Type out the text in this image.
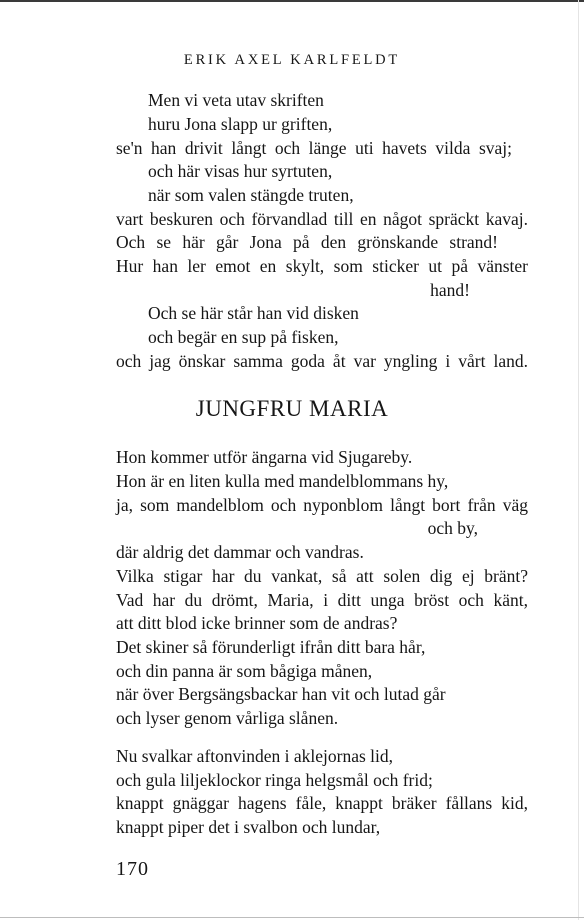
ERIK AXEL KARLFELDT
Men vi veta utav skriften
huru Jona slapp ur griften,
se'n han drivit långt och länge uti havets vilda svaj;
och här visas hur syrtuten,
när som valen stängde truten,
vart beskuren och förvandlad till en något spräckt kavaj.
Och se här går Jona på den grönskande strand!
Hur han ler emot en skylt, som sticker ut på vänster
hand!
Och se här står han vid disken
och begär en sup på fisken,
och jag önskar samma goda åt var yngling i vårt land.
JUNGFRU MARIA
Hon kommer utför ängarna vid Sjugareby.
Hon är en liten kulla med mandelblommans hy,
ja, som mandelblom och nyponblom långt bort från väg
och by,
där aldrig det dammar och vandras.
Vilka stigar har du vankat, så att solen dig ej bränt?
Vad har du drömt, Maria, i ditt unga bröst och känt,
att ditt blod icke brinner som de andras?
Det skiner så förunderligt ifrån ditt bara hår,
och din panna är som bågiga månen,
när över Bergsängsbackar han vit och lutad går
och lyser genom vårliga slånen.
Nu svalkar aftonvinden i aklejornas lid,
och gula liljeklockor ringa helgsmål och frid;
knappt gnäggar hagens fåle, knappt bräker fållans kid,
knappt piper det i svalbon och lundar,
170
